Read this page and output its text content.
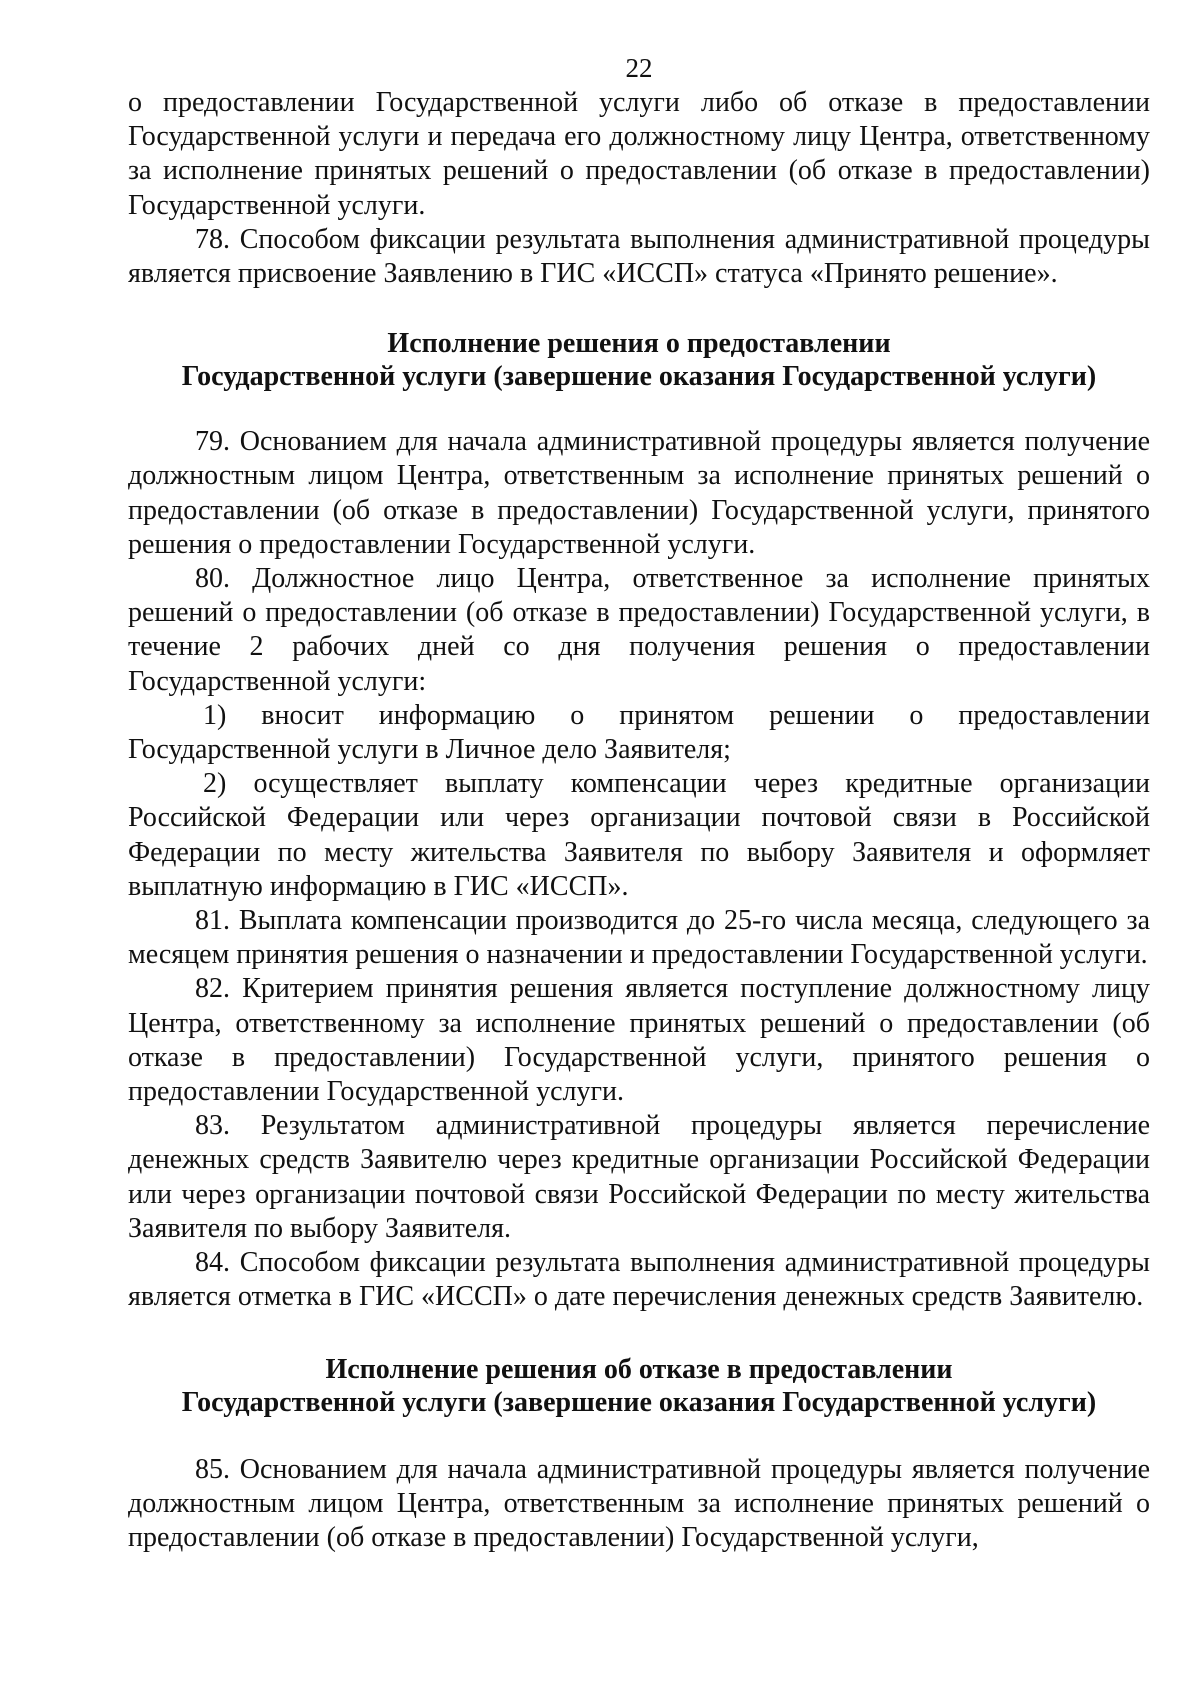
22

о предоставлении Государственной услуги либо об отказе в предоставлении Государственной услуги и передача его должностному лицу Центра, ответственному за исполнение принятых решений о предоставлении (об отказе в предоставлении) Государственной услуги.

78. Способом фиксации результата выполнения административной процедуры является присвоение Заявлению в ГИС «ИССП» статуса «Принято решение».

Исполнение решения о предоставлении
Государственной услуги (завершение оказания Государственной услуги)

79. Основанием для начала административной процедуры является получение должностным лицом Центра, ответственным за исполнение принятых решений о предоставлении (об отказе в предоставлении) Государственной услуги, принятого решения о предоставлении Государственной услуги.

80. Должностное лицо Центра, ответственное за исполнение принятых решений о предоставлении (об отказе в предоставлении) Государственной услуги, в течение 2 рабочих дней со дня получения решения о предоставлении Государственной услуги:

1) вносит информацию о принятом решении о предоставлении Государственной услуги в Личное дело Заявителя;

2) осуществляет выплату компенсации через кредитные организации Российской Федерации или через организации почтовой связи в Российской Федерации по месту жительства Заявителя по выбору Заявителя и оформляет выплатную информацию в ГИС «ИССП».

81. Выплата компенсации производится до 25-го числа месяца, следующего за месяцем принятия решения о назначении и предоставлении Государственной услуги.

82. Критерием принятия решения является поступление должностному лицу Центра, ответственному за исполнение принятых решений о предоставлении (об отказе в предоставлении) Государственной услуги, принятого решения о предоставлении Государственной услуги.

83. Результатом административной процедуры является перечисление денежных средств Заявителю через кредитные организации Российской Федерации или через организации почтовой связи Российской Федерации по месту жительства Заявителя по выбору Заявителя.

84. Способом фиксации результата выполнения административной процедуры является отметка в ГИС «ИССП» о дате перечисления денежных средств Заявителю.

Исполнение решения об отказе в предоставлении
Государственной услуги (завершение оказания Государственной услуги)

85. Основанием для начала административной процедуры является получение должностным лицом Центра, ответственным за исполнение принятых решений о предоставлении (об отказе в предоставлении) Государственной услуги,
